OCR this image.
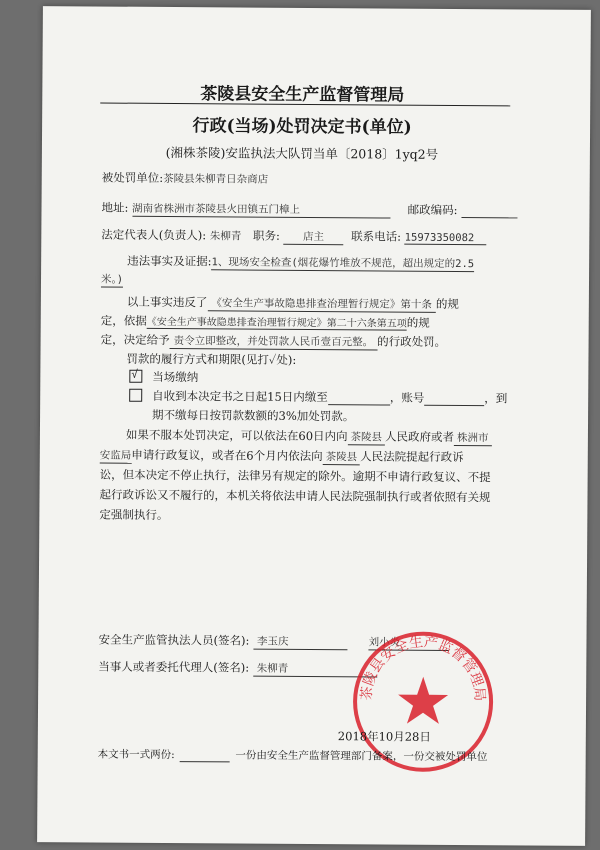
茶陵县安全生产监督管理局
行政(当场)处罚决定书(单位)
(湘株茶陵)安监执法大队罚当单〔2018〕1yq2号
被处罚单位:茶陵县朱柳青日杂商店
地址: 湖南省株洲市茶陵县火田镇五门樟上	邮政编码:
法定代表人(负责人): 朱柳青 职务: 店主 联系电话: 15973350082
违法事实及证据:1、现场安全检查(烟花爆竹堆放不规范，超出规定的2.5
米。)
以上事实违反了 《安全生产事故隐患排查治理暂行规定》第十条 的规
定，依据《安全生产事故隐患排查治理暂行规定》第二十六条第五项的规
定，决定给予 责令立即整改，并处罚款人民币壹百元整。 的行政处罚。
罚款的履行方式和期限(见打✓处):
√ 当场缴纳
自收到本决定书之日起15日内缴至	，账号	，到
期不缴每日按罚款数额的3%加处罚款。
如果不服本处罚决定，可以依法在60日内向 茶陵县 人民政府或者 株洲市
安监局申请行政复议，或者在6个月内依法向 茶陵县 人民法院提起行政诉
讼，但本决定不停止执行，法律另有规定的除外。逾期不申请行政复议、不提
起行政诉讼又不履行的，本机关将依法申请人民法院强制执行或者依照有关规
定强制执行。
安全生产监管执法人员(签名): 李玉庆	刘小炎
当事人或者委托代理人(签名): 朱柳青
茶陵县安全生产监督管理局
2018年10月28日
本文书一式两份:	一份由安全生产监督管理部门备案，一份交被处罚单位
